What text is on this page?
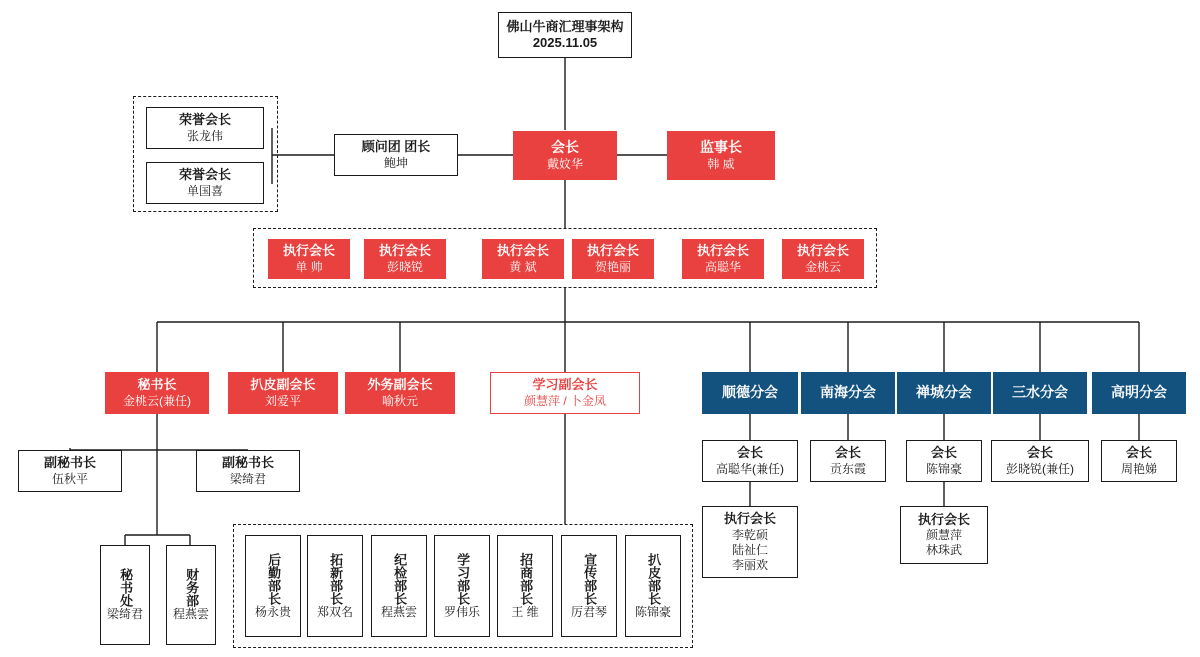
佛山牛商汇理事架构
2025.11.05
荣誉会长
张龙伟
荣誉会长
单国喜
顾问团 团长
鲍坤
会长
戴妏华
监事长
韩 威
执行会长
单 帅
执行会长
彭晓锐
执行会长
黄 斌
执行会长
贺艳丽
执行会长
高聪华
执行会长
金桃云
秘书长
金桃云(兼任)
扒皮副会长
刘爱平
外务副会长
喻秋元
学习副会长
颜慧萍 / 卜金凤
副秘书长
伍秋平
副秘书长
梁绮君
秘书处
梁绮君
财务部
程燕雲
后勤部长
杨永贵
拓新部长
郑双名
纪检部长
程燕雲
学习部长
罗伟乐
招商部长
王 维
宣传部长
厉君琴
扒皮部长
陈锦豪
顺德分会
会长
高聪华(兼任)
执行会长
李乾硕
陆祉仁
李丽欢
南海分会
会长
贡东霞
禅城分会
会长
陈锦豪
执行会长
颜慧萍
林珠武
三水分会
会长
彭晓锐(兼任)
高明分会
会长
周艳娣
